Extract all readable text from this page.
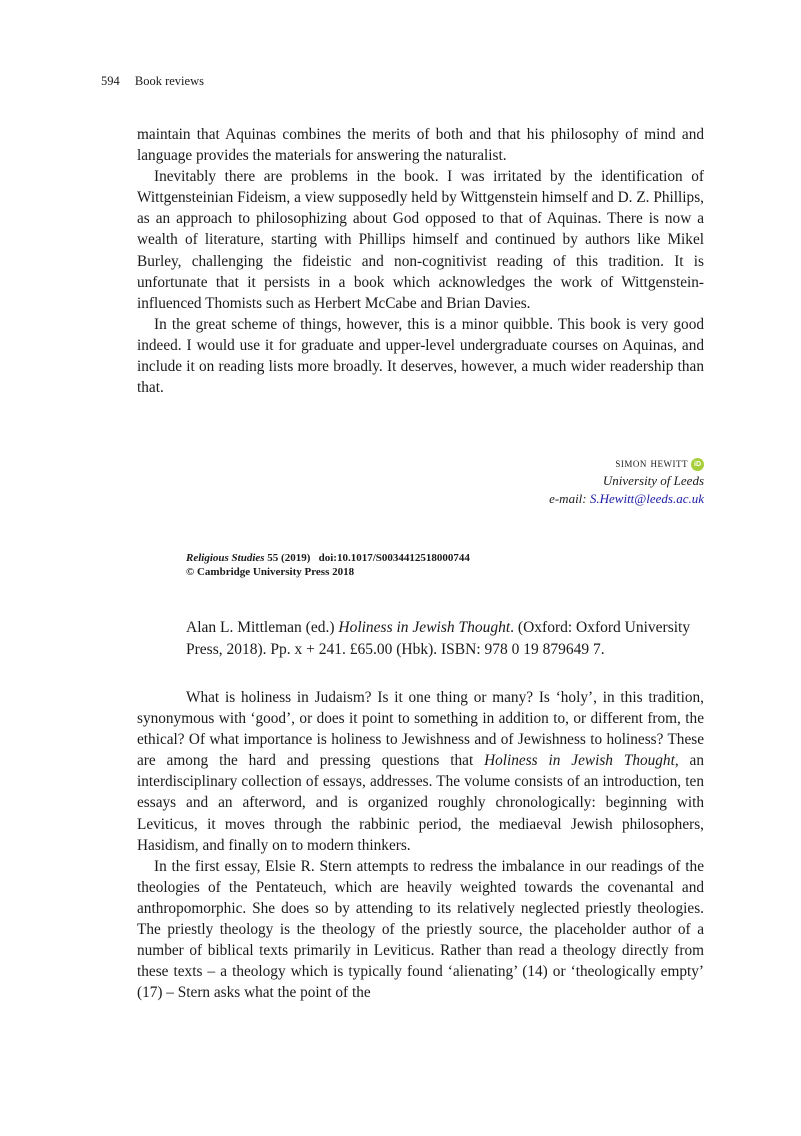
594 Book reviews

maintain that Aquinas combines the merits of both and that his philosophy of mind and language provides the materials for answering the naturalist.

Inevitably there are problems in the book. I was irritated by the identification of Wittgensteinian Fideism, a view supposedly held by Wittgenstein himself and D. Z. Phillips, as an approach to philosophizing about God opposed to that of Aquinas. There is now a wealth of literature, starting with Phillips himself and continued by authors like Mikel Burley, challenging the fideistic and non-cognitivist reading of this tradition. It is unfortunate that it persists in a book which acknowledges the work of Wittgenstein-influenced Thomists such as Herbert McCabe and Brian Davies.

In the great scheme of things, however, this is a minor quibble. This book is very good indeed. I would use it for graduate and upper-level undergraduate courses on Aquinas, and include it on reading lists more broadly. It deserves, however, a much wider readership than that.

simon hewitt iD
University of Leeds
e-mail: S.Hewitt@leeds.ac.uk
Religious Studies 55 (2019) doi:10.1017/S0034412518000744
© Cambridge University Press 2018
Alan L. Mittleman (ed.) Holiness in Jewish Thought. (Oxford: Oxford University Press, 2018). Pp. x + 241. £65.00 (Hbk). ISBN: 978 0 19 879649 7.

What is holiness in Judaism? Is it one thing or many? Is ‘holy’, in this tradition, synonymous with ‘good’, or does it point to something in addition to, or different from, the ethical? Of what importance is holiness to Jewishness and of Jewishness to holiness? These are among the hard and pressing questions that Holiness in Jewish Thought, an interdisciplinary collection of essays, addresses. The volume consists of an introduction, ten essays and an afterword, and is organized roughly chronologically: beginning with Leviticus, it moves through the rabbinic period, the mediaeval Jewish philosophers, Hasidism, and finally on to modern thinkers.

In the first essay, Elsie R. Stern attempts to redress the imbalance in our readings of the theologies of the Pentateuch, which are heavily weighted towards the covenantal and anthropomorphic. She does so by attending to its relatively neglected priestly theologies. The priestly theology is the theology of the priestly source, the placeholder author of a number of biblical texts primarily in Leviticus. Rather than read a theology directly from these texts – a theology which is typically found ‘alienating’ (14) or ‘theologically empty’ (17) – Stern asks what the point of the
